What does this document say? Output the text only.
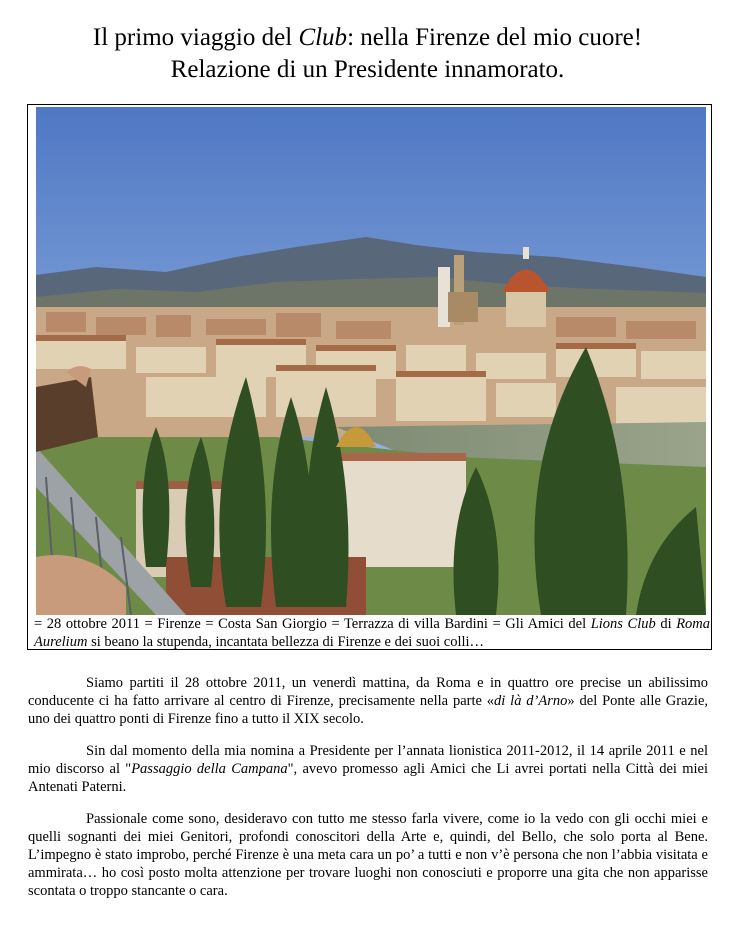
Il primo viaggio del Club: nella Firenze del mio cuore!
Relazione di un Presidente innamorato.
= 28 ottobre 2011 = Firenze = Costa San Giorgio = Terrazza di villa Bardini = Gli Amici del Lions Club di Roma Aurelium si beano la stupenda, incantata bellezza di Firenze e dei suoi colli…

Siamo partiti il 28 ottobre 2011, un venerdì mattina, da Roma e in quattro ore precise un abilissimo conducente ci ha fatto arrivare al centro di Firenze, precisamente nella parte «di là d’Arno» del Ponte alle Grazie, uno dei quattro ponti di Firenze fino a tutto il XIX secolo.

Sin dal momento della mia nomina a Presidente per l’annata lionistica 2011-2012, il 14 aprile 2011 e nel mio discorso al "Passaggio della Campana", avevo promesso agli Amici che Li avrei portati nella Città dei miei Antenati Paterni.

Passionale come sono, desideravo con tutto me stesso farla vivere, come io la vedo con gli occhi miei e quelli sognanti dei miei Genitori, profondi conoscitori della Arte e, quindi, del Bello, che solo porta al Bene. L’impegno è stato improbo, perché Firenze è una meta cara un po’ a tutti e non v’è persona che non l’abbia visitata e ammirata… ho così posto molta attenzione per trovare luoghi non conosciuti e proporre una gita che non apparisse scontata o troppo stancante o cara.
